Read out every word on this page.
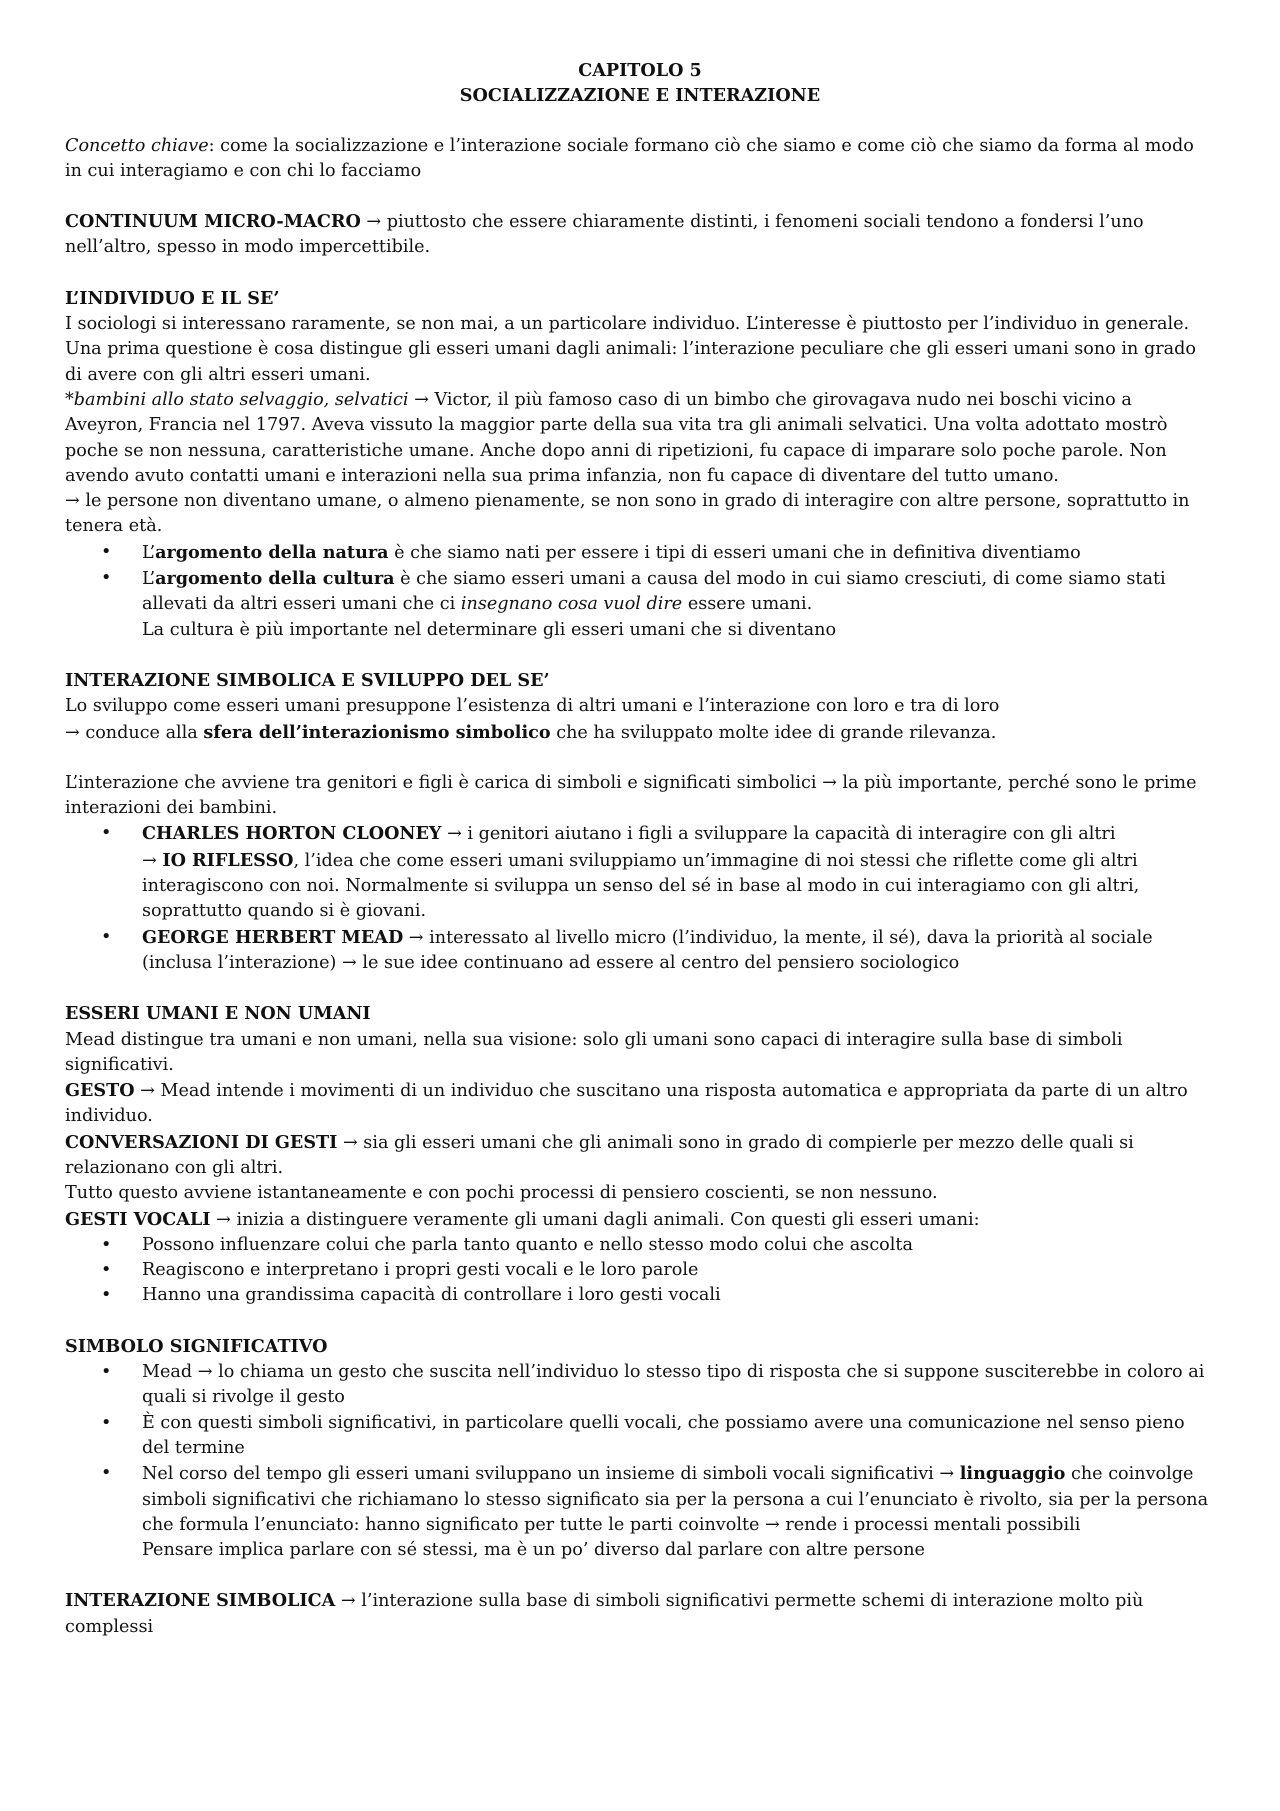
CAPITOLO 5

SOCIALIZZAZIONE E INTERAZIONE

Concetto chiave: come la socializzazione e l’interazione sociale formano ciò che siamo e come ciò che siamo da forma al modo in cui interagiamo e con chi lo facciamo

CONTINUUM MICRO-MACRO → piuttosto che essere chiaramente distinti, i fenomeni sociali tendono a fondersi l’uno nell’altro, spesso in modo impercettibile.

L’INDIVIDUO E IL SE’

I sociologi si interessano raramente, se non mai, a un particolare individuo. L’interesse è piuttosto per l’individuo in generale.

Una prima questione è cosa distingue gli esseri umani dagli animali: l’interazione peculiare che gli esseri umani sono in grado di avere con gli altri esseri umani.

*bambini allo stato selvaggio, selvatici → Victor, il più famoso caso di un bimbo che girovagava nudo nei boschi vicino a Aveyron, Francia nel 1797. Aveva vissuto la maggior parte della sua vita tra gli animali selvatici. Una volta adottato mostrò poche se non nessuna, caratteristiche umane. Anche dopo anni di ripetizioni, fu capace di imparare solo poche parole. Non avendo avuto contatti umani e interazioni nella sua prima infanzia, non fu capace di diventare del tutto umano.

→ le persone non diventano umane, o almeno pienamente, se non sono in grado di interagire con altre persone, soprattutto in tenera età.

• L’argomento della natura è che siamo nati per essere i tipi di esseri umani che in definitiva diventiamo
• L’argomento della cultura è che siamo esseri umani a causa del modo in cui siamo cresciuti, di come siamo stati allevati da altri esseri umani che ci insegnano cosa vuol dire essere umani.

La cultura è più importante nel determinare gli esseri umani che si diventano

INTERAZIONE SIMBOLICA E SVILUPPO DEL SE’

Lo sviluppo come esseri umani presuppone l’esistenza di altri umani e l’interazione con loro e tra di loro

→ conduce alla sfera dell’interazionismo simbolico che ha sviluppato molte idee di grande rilevanza.

L’interazione che avviene tra genitori e figli è carica di simboli e significati simbolici → la più importante, perché sono le prime interazioni dei bambini.

• CHARLES HORTON CLOONEY → i genitori aiutano i figli a sviluppare la capacità di interagire con gli altri
→ IO RIFLESSO, l’idea che come esseri umani sviluppiamo un’immagine di noi stessi che riflette come gli altri interagiscono con noi. Normalmente si sviluppa un senso del sé in base al modo in cui interagiamo con gli altri, soprattutto quando si è giovani.
• GEORGE HERBERT MEAD → interessato al livello micro (l’individuo, la mente, il sé), dava la priorità al sociale (inclusa l’interazione) → le sue idee continuano ad essere al centro del pensiero sociologico

ESSERI UMANI E NON UMANI

Mead distingue tra umani e non umani, nella sua visione: solo gli umani sono capaci di interagire sulla base di simboli significativi.

GESTO → Mead intende i movimenti di un individuo che suscitano una risposta automatica e appropriata da parte di un altro individuo.

CONVERSAZIONI DI GESTI → sia gli esseri umani che gli animali sono in grado di compierle per mezzo delle quali si relazionano con gli altri.

Tutto questo avviene istantaneamente e con pochi processi di pensiero coscienti, se non nessuno.

GESTI VOCALI → inizia a distinguere veramente gli umani dagli animali. Con questi gli esseri umani:

• Possono influenzare colui che parla tanto quanto e nello stesso modo colui che ascolta
• Reagiscono e interpretano i propri gesti vocali e le loro parole
• Hanno una grandissima capacità di controllare i loro gesti vocali

SIMBOLO SIGNIFICATIVO

• Mead → lo chiama un gesto che suscita nell’individuo lo stesso tipo di risposta che si suppone susciterebbe in coloro ai quali si rivolge il gesto
• È con questi simboli significativi, in particolare quelli vocali, che possiamo avere una comunicazione nel senso pieno del termine
• Nel corso del tempo gli esseri umani sviluppano un insieme di simboli vocali significativi → linguaggio che coinvolge simboli significativi che richiamano lo stesso significato sia per la persona a cui l’enunciato è rivolto, sia per la persona che formula l’enunciato: hanno significato per tutte le parti coinvolte → rende i processi mentali possibili

Pensare implica parlare con sé stessi, ma è un po’ diverso dal parlare con altre persone

INTERAZIONE SIMBOLICA → l’interazione sulla base di simboli significativi permette schemi di interazione molto più complessi
